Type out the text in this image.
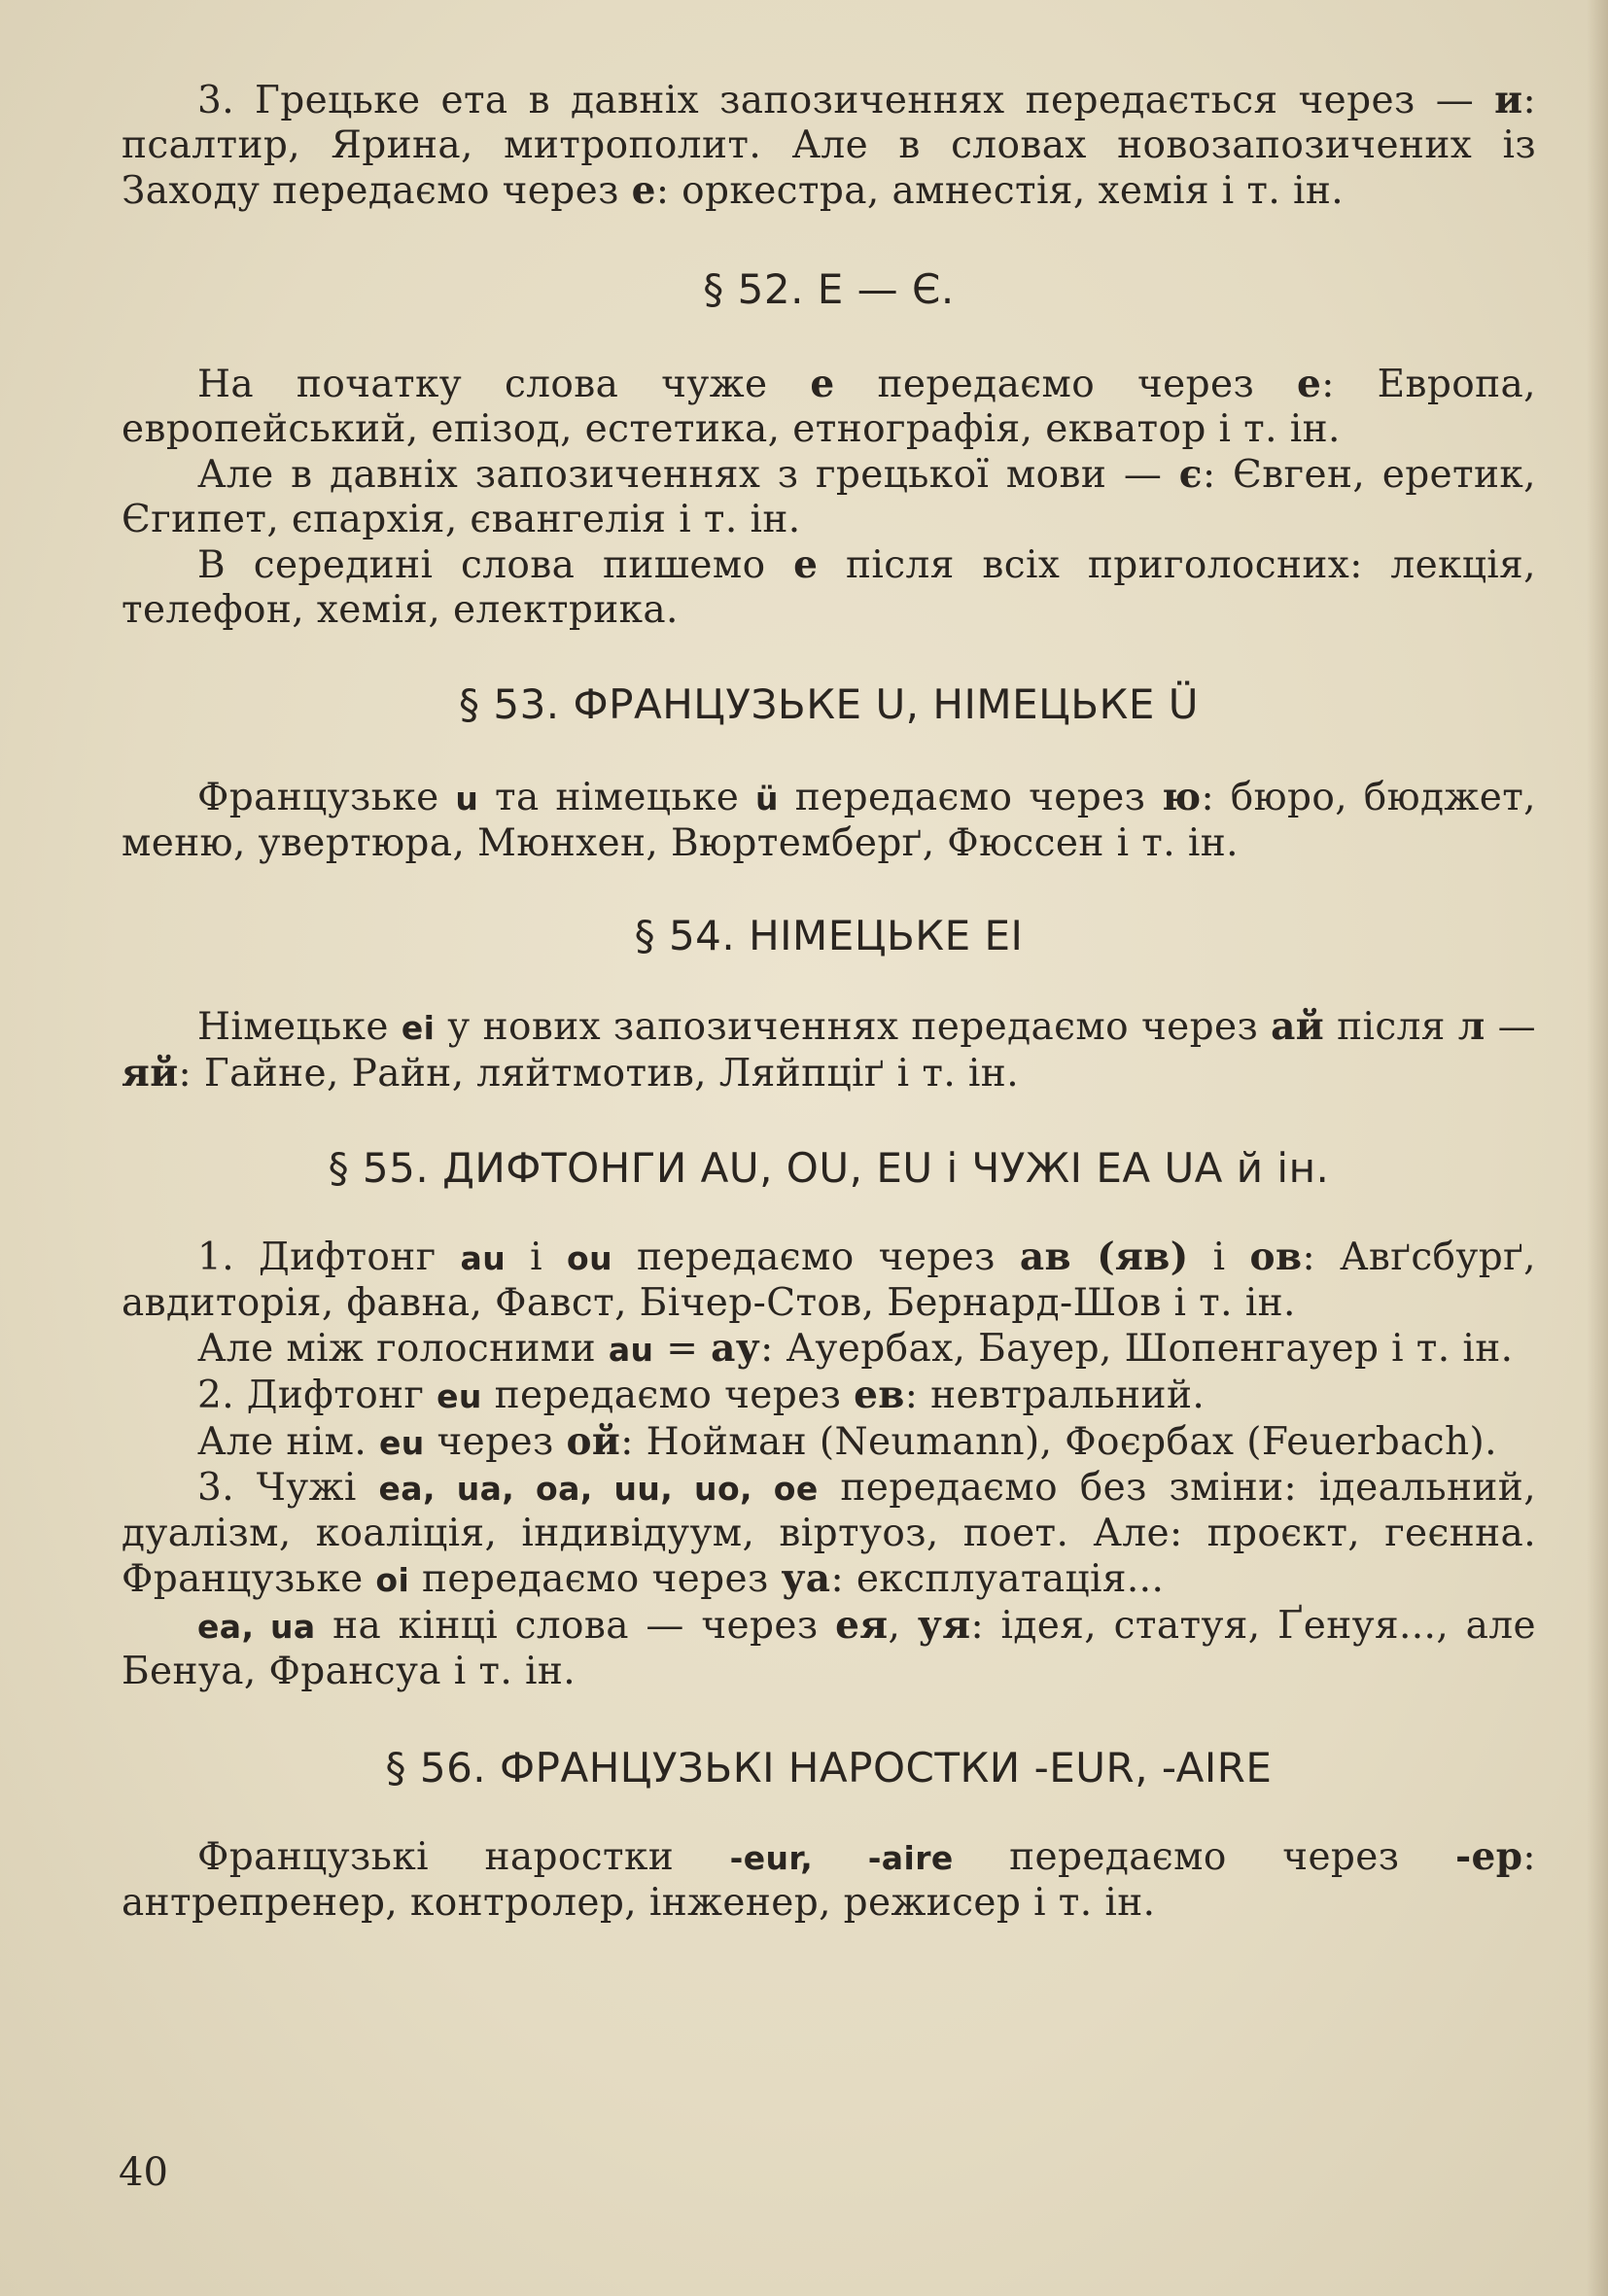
3. Грецьке ета в давніх запозиченнях передається через — и: псалтир, Ярина, митрополит. Але в словах новозапозичених із Заходу передаємо через е: оркестра, амнестія, хемія і т. ін.

§ 52. Е — Є.

На початку слова чуже е передаємо через е: Европа, европейський, епізод, естетика, етнографія, екватор і т. ін.

Але в давніх запозиченнях з грецької мови — є: Євген, еретик, Єгипет, єпархія, євангелія і т. ін.

В середині слова пишемо е після всіх приголосних: лекція, телефон, хемія, електрика.

§ 53. ФРАНЦУЗЬКЕ U, НІМЕЦЬКЕ Ü

Французьке u та німецьке ü передаємо через ю: бюро, бюджет, меню, увертюра, Мюнхен, Вюртемберґ, Фюссен і т. ін.

§ 54. НІМЕЦЬКЕ ЕІ

Німецьке ei у нових запозиченнях передаємо через ай після л — яй: Гайне, Райн, ляйтмотив, Ляйпціґ і т. ін.

§ 55. ДИФТОНГИ AU, OU, EU і ЧУЖІ EA UA й ін.

1. Дифтонг au і ou передаємо через ав (яв) і ов: Авґсбурґ, авдиторія, фавна, Фавст, Бічер-Стов, Бернард-Шов і т. ін.

Але між голосними au = ау: Ауербах, Бауер, Шопенгауер і т. ін.

2. Дифтонг eu передаємо через ев: невтральний.

Але нім. eu через ой: Нойман (Neumann), Фоєрбах (Feuerbach).

3. Чужі ea, ua, oa, uu, uo, oe передаємо без зміни: ідеальний, дуалізм, коаліція, індивідуум, віртуоз, поет. Але: проєкт, геєнна. Французьке oi передаємо через уа: експлуатація...

ea, ua на кінці слова — через ея, уя: ідея, статуя, Ґенуя..., але Бенуа, Франсуа і т. ін.

§ 56. ФРАНЦУЗЬКІ НАРОСТКИ -EUR, -AIRE

Французькі наростки -eur, -aire передаємо через -ер: антрепренер, контролер, інженер, режисер і т. ін.

40
